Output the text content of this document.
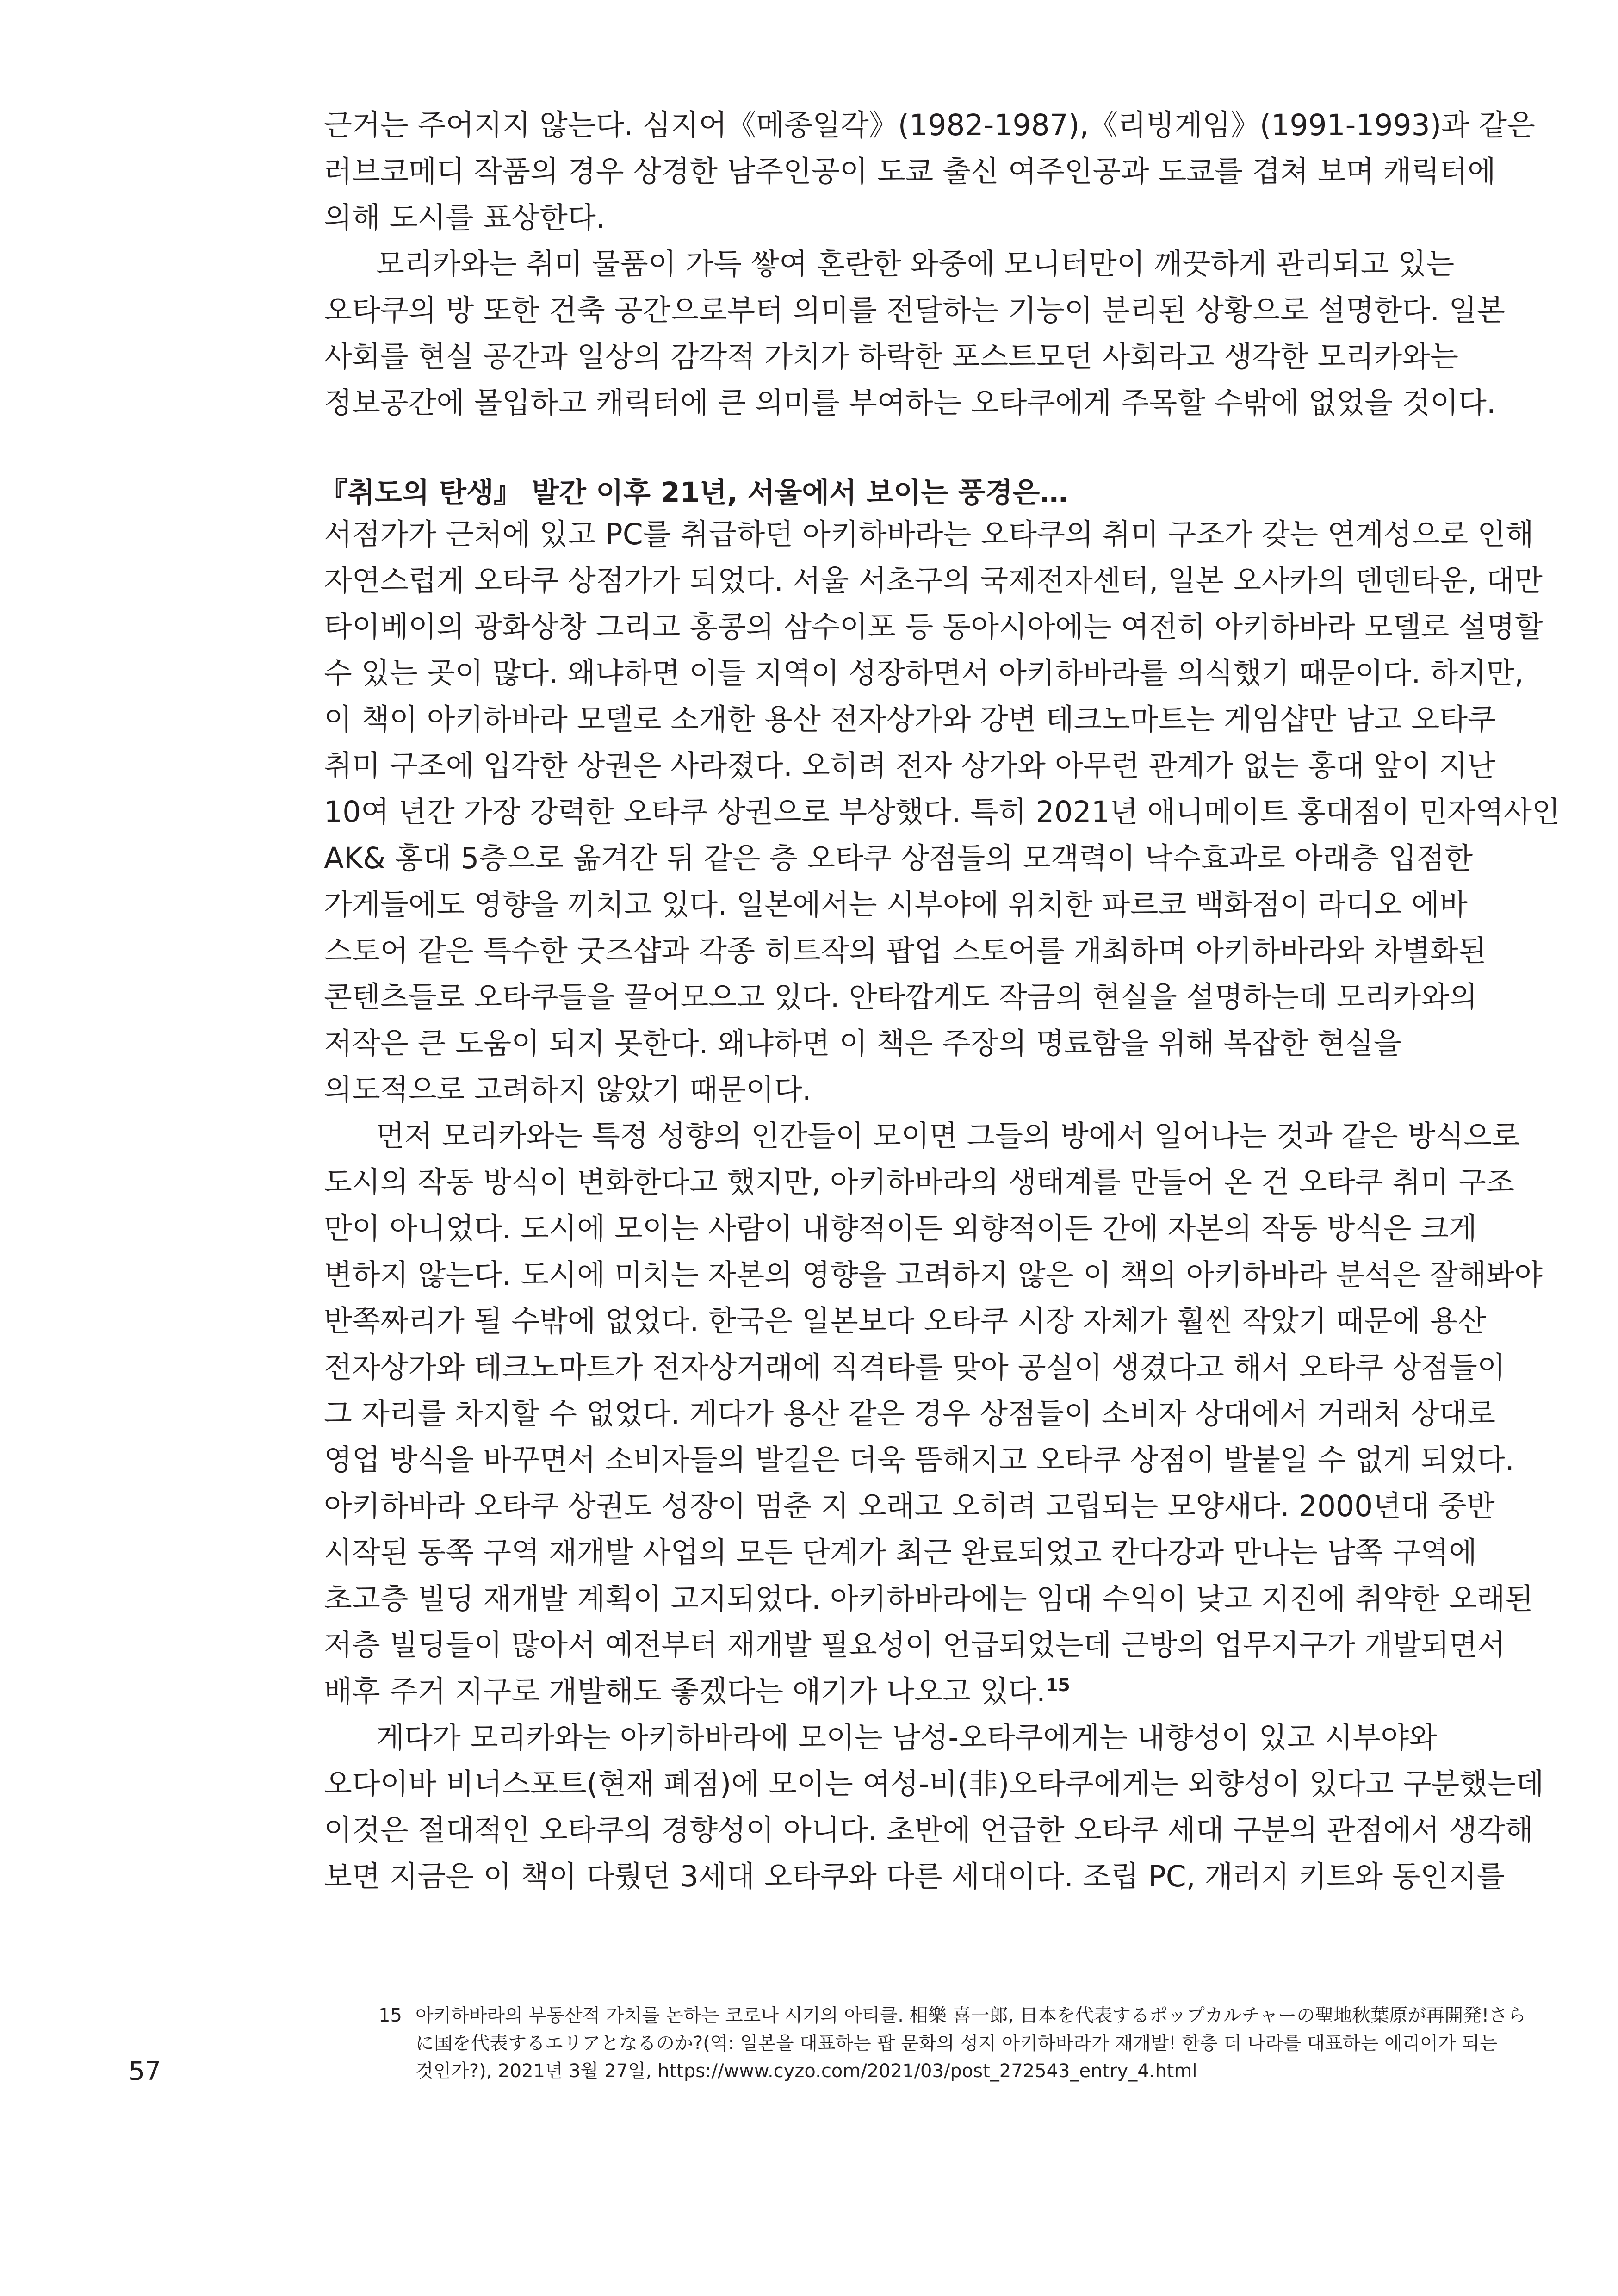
근거는 주어지지 않는다. 심지어《메종일각》(1982-1987),《리빙게임》(1991-1993)과 같은

러브코메디 작품의 경우 상경한 남주인공이 도쿄 출신 여주인공과 도쿄를 겹쳐 보며 캐릭터에

의해 도시를 표상한다.

모리카와는 취미 물품이 가득 쌓여 혼란한 와중에 모니터만이 깨끗하게 관리되고 있는

오타쿠의 방 또한 건축 공간으로부터 의미를 전달하는 기능이 분리된 상황으로 설명한다. 일본

사회를 현실 공간과 일상의 감각적 가치가 하락한 포스트모던 사회라고 생각한 모리카와는

정보공간에 몰입하고 캐릭터에 큰 의미를 부여하는 오타쿠에게 주목할 수밖에 없었을 것이다.

『취도의 탄생』 발간 이후 21년, 서울에서 보이는 풍경은…

서점가가 근처에 있고 PC를 취급하던 아키하바라는 오타쿠의 취미 구조가 갖는 연계성으로 인해

자연스럽게 오타쿠 상점가가 되었다. 서울 서초구의 국제전자센터, 일본 오사카의 덴덴타운, 대만

타이베이의 광화상창 그리고 홍콩의 삼수이포 등 동아시아에는 여전히 아키하바라 모델로 설명할

수 있는 곳이 많다. 왜냐하면 이들 지역이 성장하면서 아키하바라를 의식했기 때문이다. 하지만,

이 책이 아키하바라 모델로 소개한 용산 전자상가와 강변 테크노마트는 게임샵만 남고 오타쿠

취미 구조에 입각한 상권은 사라졌다. 오히려 전자 상가와 아무런 관계가 없는 홍대 앞이 지난

10여 년간 가장 강력한 오타쿠 상권으로 부상했다. 특히 2021년 애니메이트 홍대점이 민자역사인

AK& 홍대 5층으로 옮겨간 뒤 같은 층 오타쿠 상점들의 모객력이 낙수효과로 아래층 입점한

가게들에도 영향을 끼치고 있다. 일본에서는 시부야에 위치한 파르코 백화점이 라디오 에바

스토어 같은 특수한 굿즈샵과 각종 히트작의 팝업 스토어를 개최하며 아키하바라와 차별화된

콘텐츠들로 오타쿠들을 끌어모으고 있다. 안타깝게도 작금의 현실을 설명하는데 모리카와의

저작은 큰 도움이 되지 못한다. 왜냐하면 이 책은 주장의 명료함을 위해 복잡한 현실을

의도적으로 고려하지 않았기 때문이다.

먼저 모리카와는 특정 성향의 인간들이 모이면 그들의 방에서 일어나는 것과 같은 방식으로

도시의 작동 방식이 변화한다고 했지만, 아키하바라의 생태계를 만들어 온 건 오타쿠 취미 구조

만이 아니었다. 도시에 모이는 사람이 내향적이든 외향적이든 간에 자본의 작동 방식은 크게

변하지 않는다. 도시에 미치는 자본의 영향을 고려하지 않은 이 책의 아키하바라 분석은 잘해봐야

반쪽짜리가 될 수밖에 없었다. 한국은 일본보다 오타쿠 시장 자체가 훨씬 작았기 때문에 용산

전자상가와 테크노마트가 전자상거래에 직격타를 맞아 공실이 생겼다고 해서 오타쿠 상점들이

그 자리를 차지할 수 없었다. 게다가 용산 같은 경우 상점들이 소비자 상대에서 거래처 상대로

영업 방식을 바꾸면서 소비자들의 발길은 더욱 뜸해지고 오타쿠 상점이 발붙일 수 없게 되었다.

아키하바라 오타쿠 상권도 성장이 멈춘 지 오래고 오히려 고립되는 모양새다. 2000년대 중반

시작된 동쪽 구역 재개발 사업의 모든 단계가 최근 완료되었고 칸다강과 만나는 남쪽 구역에

초고층 빌딩 재개발 계획이 고지되었다. 아키하바라에는 임대 수익이 낮고 지진에 취약한 오래된

저층 빌딩들이 많아서 예전부터 재개발 필요성이 언급되었는데 근방의 업무지구가 개발되면서

배후 주거 지구로 개발해도 좋겠다는 얘기가 나오고 있다.$^{15}$

게다가 모리카와는 아키하바라에 모이는 남성-오타쿠에게는 내향성이 있고 시부야와

오다이바 비너스포트(현재 폐점)에 모이는 여성-비(非)오타쿠에게는 외향성이 있다고 구분했는데

이것은 절대적인 오타쿠의 경향성이 아니다. 초반에 언급한 오타쿠 세대 구분의 관점에서 생각해

보면 지금은 이 책이 다뤘던 3세대 오타쿠와 다른 세대이다. 조립 PC, 개러지 키트와 동인지를

15 아키하바라의 부동산적 가치를 논하는 코로나 시기의 아티클. 相樂 喜一郎, 日本を代表するポップカルチャーの聖地秋葉原が再開発!さら

に国を代表するエリアとなるのか?(역: 일본을 대표하는 팝 문화의 성지 아키하바라가 재개발! 한층 더 나라를 대표하는 에리어가 되는

것인가?), 2021년 3월 27일, https://www.cyzo.com/2021/03/post_272543_entry_4.html

57
